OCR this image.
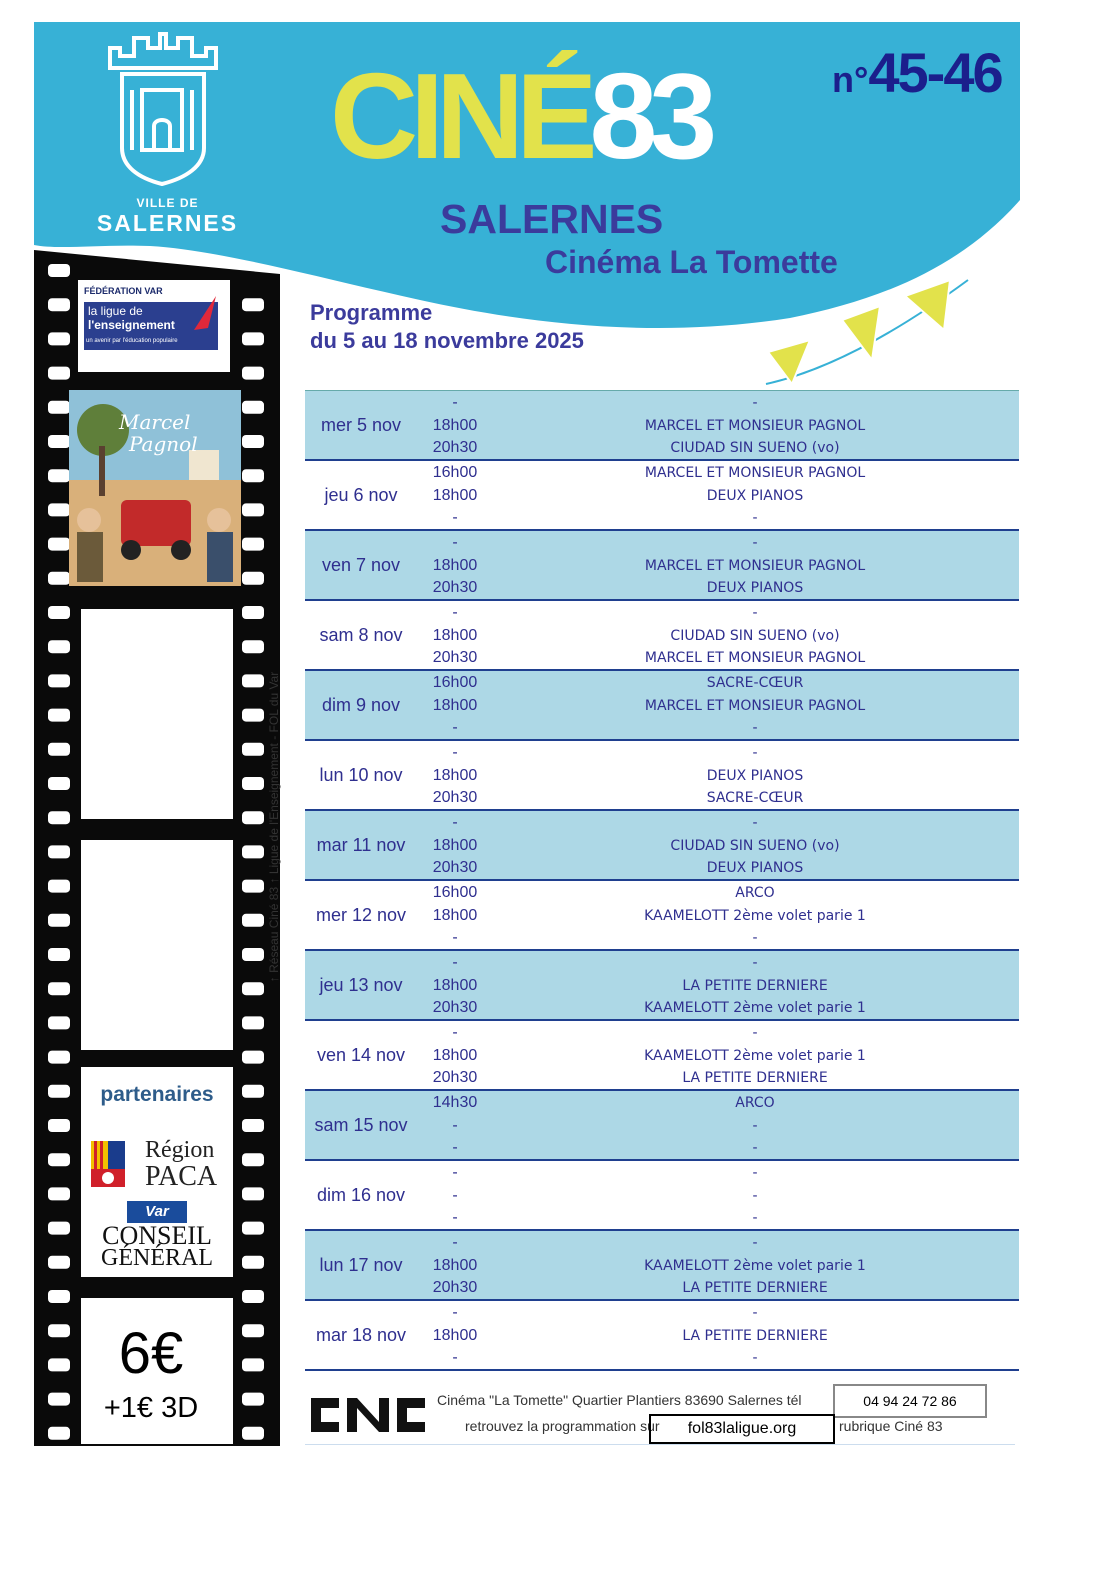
VILLE DE
SALERNES
CINÉ83	n°45-46
SALERNES
Cinéma La Tomette
Programme
du 5 au 18 novembre 2025
FÉDÉRATION VAR
la ligue de
l'enseignement
un avenir par l'éducation populaire
Marcel
Pagnol
partenaires
Région
PACA
Var
CONSEIL
GÉNÉRAL
6€
+1€ 3D
↑ Réseau Ciné 83 ↑ Ligue de l'Enseignement - FOL du Var
mer 5 nov
-	-
18h00	MARCEL ET MONSIEUR PAGNOL
20h30	CIUDAD SIN SUENO (vo)
jeu 6 nov
16h00	MARCEL ET MONSIEUR PAGNOL
18h00	DEUX PIANOS
-	-
ven 7 nov
-	-
18h00	MARCEL ET MONSIEUR PAGNOL
20h30	DEUX PIANOS
sam 8 nov
-	-
18h00	CIUDAD SIN SUENO (vo)
20h30	MARCEL ET MONSIEUR PAGNOL
dim 9 nov
16h00	SACRE-CŒUR
18h00	MARCEL ET MONSIEUR PAGNOL
-	-
lun 10 nov
-	-
18h00	DEUX PIANOS
20h30	SACRE-CŒUR
mar 11 nov
-	-
18h00	CIUDAD SIN SUENO (vo)
20h30	DEUX PIANOS
mer 12 nov
16h00	ARCO
18h00	KAAMELOTT 2ème volet parie 1
-	-
jeu 13 nov
-	-
18h00	LA PETITE DERNIERE
20h30	KAAMELOTT 2ème volet parie 1
ven 14 nov
-	-
18h00	KAAMELOTT 2ème volet parie 1
20h30	LA PETITE DERNIERE
sam 15 nov
14h30	ARCO
-	-
-	-
dim 16 nov
-	-
-	-
-	-
lun 17 nov
-	-
18h00	KAAMELOTT 2ème volet parie 1
20h30	LA PETITE DERNIERE
mar 18 nov
-	-
18h00	LA PETITE DERNIERE
-	-
Cinéma "La Tomette" Quartier Plantiers 83690 Salernes tél	04 94 24 72 86
retrouvez la programmation sur	fol83laligue.org	rubrique Ciné 83
